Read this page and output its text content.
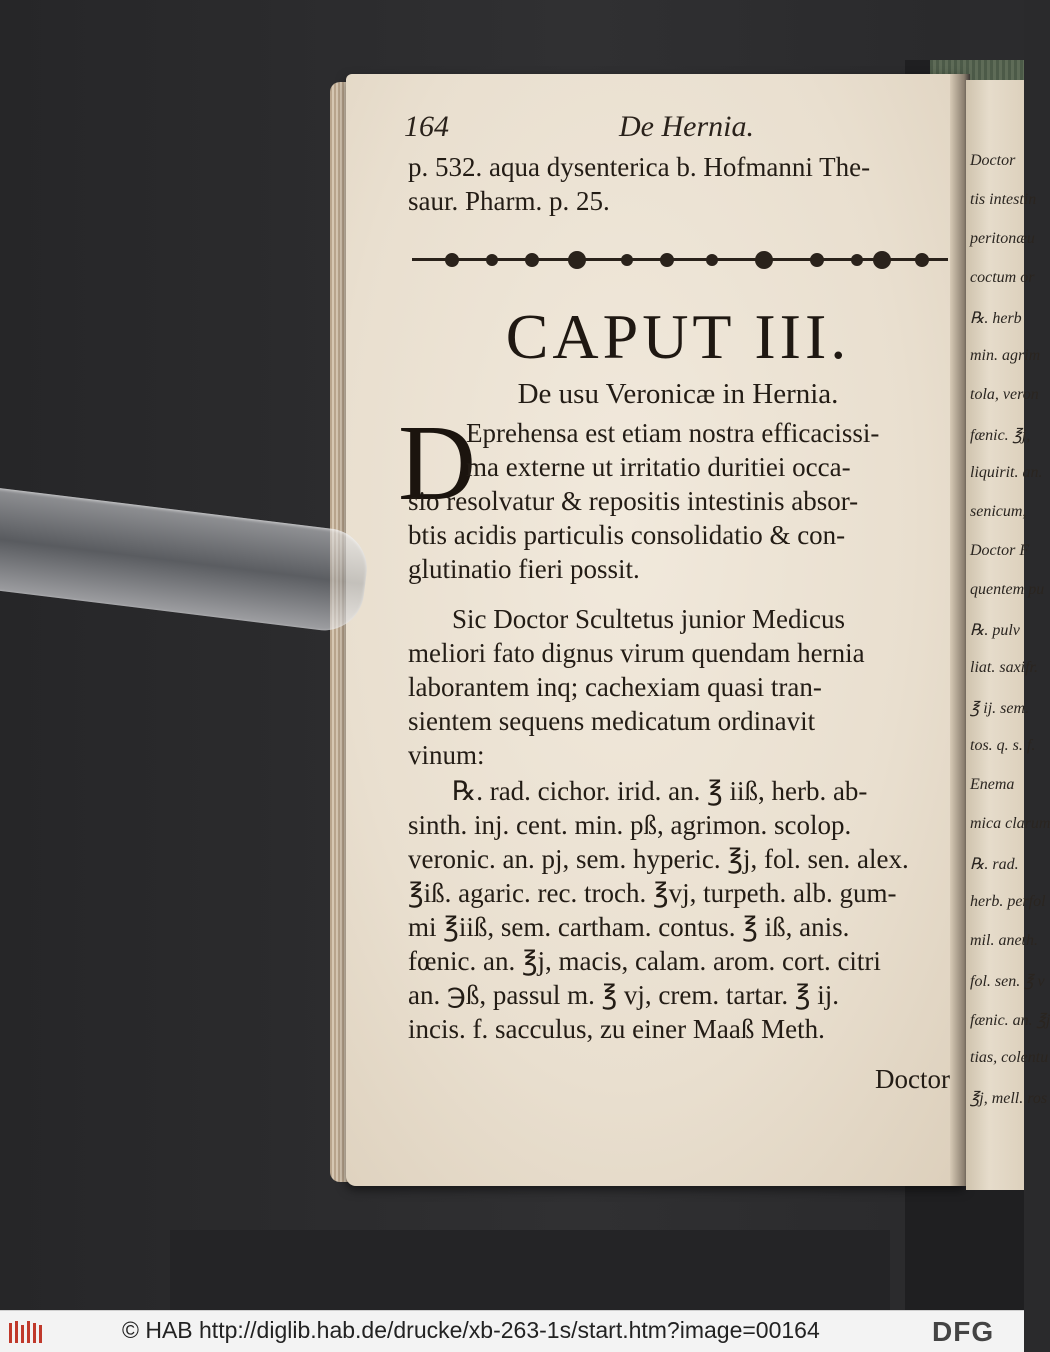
Doctor
tis intestin
peritonæu
coctum or
℞. herb
min. agrim
tola, veron
fænic. ℥j,
liquirit. an.
senicum,
Doctor F
quentem pu
℞. pulv
liat. saxifr.
℥ ij. sem.
tos. q. s. f.
Enema
mica clarum
℞. rad.
herb. perfol
mil. aneth.
fol. sen. ℥ v
fænic. an. ℥j
tias, colentu
℥j, mell. ros
164	De Hernia.
p. 532. aqua dysenterica b. Hofmanni The-
saur. Pharm. p. 25.
CAPUT III.
De usu Veronicæ in Hernia.
D
Eprehensa est etiam nostra efficacissi-
ma externe ut irritatio duritiei occa-
sio resolvatur & repositis intestinis absor-
btis acidis particulis consolidatio & con-
glutinatio fieri possit.
Sic Doctor Scultetus junior Medicus
meliori fato dignus virum quendam hernia
laborantem inq; cachexiam quasi tran-
sientem sequens medicatum ordinavit
vinum:
℞. rad. cichor. irid. an. ℥ iiß, herb. ab-
sinth. inj. cent. min. pß, agrimon. scolop.
veronic. an. pj, sem. hyperic. ℥j, fol. sen. alex.
℥iß. agaric. rec. troch. ℥vj, turpeth. alb. gum-
mi ℥iiß, sem. cartham. contus. ℥ iß, anis.
fœnic. an. ℥j, macis, calam. arom. cort. citri
an. ℈ß, passul m. ℥ vj, crem. tartar. ℥ ij.
incis. f. sacculus, zu einer Maaß Meth.
Doctor
© HAB http://diglib.hab.de/drucke/xb-263-1s/start.htm?image=00164	DFG
